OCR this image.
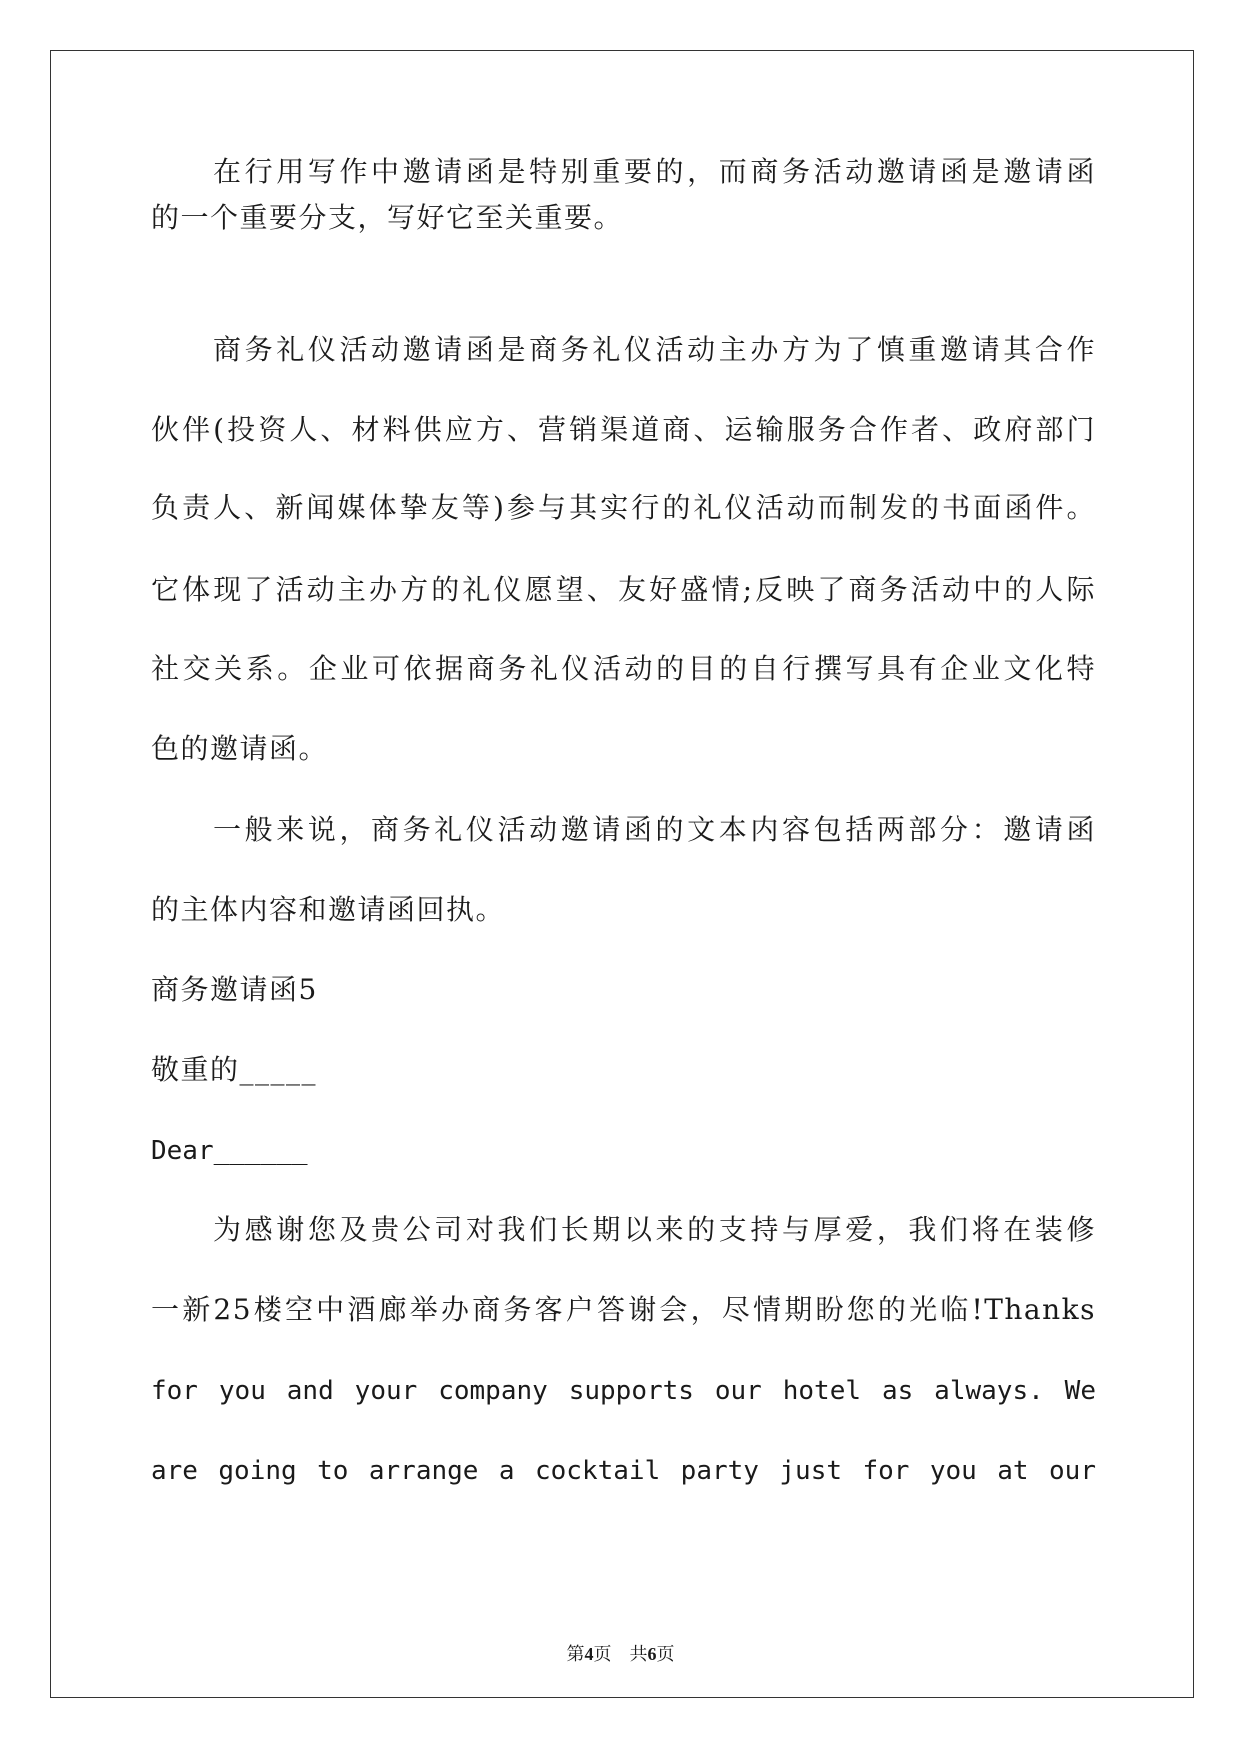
在行用写作中邀请函是特别重要的，而商务活动邀请函是邀请函
的一个重要分支，写好它至关重要。
商务礼仪活动邀请函是商务礼仪活动主办方为了慎重邀请其合作
伙伴(投资人、材料供应方、营销渠道商、运输服务合作者、政府部门
负责人、新闻媒体挚友等)参与其实行的礼仪活动而制发的书面函件。
它体现了活动主办方的礼仪愿望、友好盛情;反映了商务活动中的人际
社交关系。企业可依据商务礼仪活动的目的自行撰写具有企业文化特
色的邀请函。
一般来说，商务礼仪活动邀请函的文本内容包括两部分：邀请函
的主体内容和邀请函回执。
商务邀请函5
敬重的_____
Dear______
为感谢您及贵公司对我们长期以来的支持与厚爱，我们将在装修
一新25楼空中酒廊举办商务客户答谢会，尽情期盼您的光临!Thanks
for you and your company supports our hotel as always. We
are going to arrange a cocktail party just for you at our
第4页 共6页
